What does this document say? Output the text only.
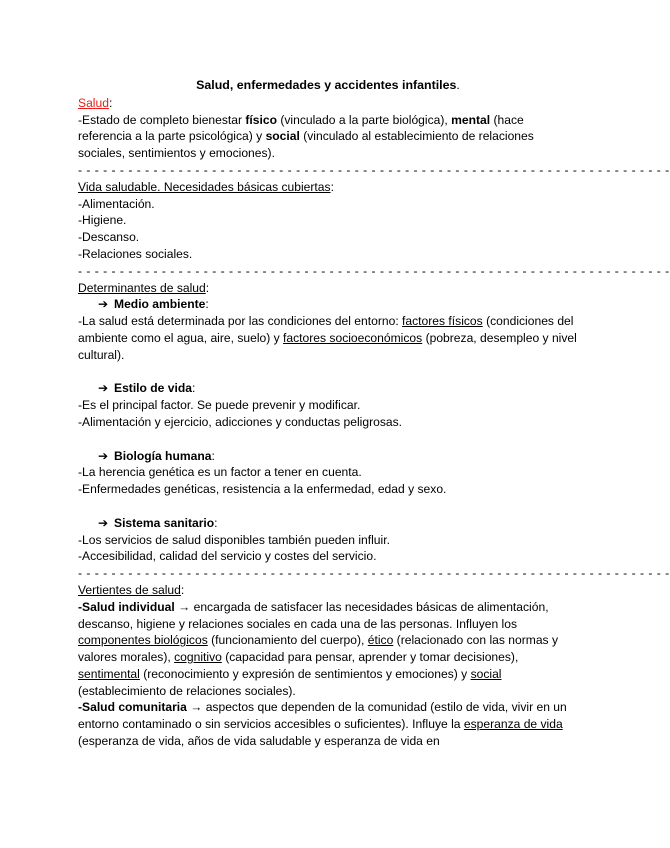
Salud, enfermedades y accidentes infantiles.
Salud:
-Estado de completo bienestar físico (vinculado a la parte biológica), mental (hace referencia a la parte psicológica) y social (vinculado al establecimiento de relaciones sociales, sentimientos y emociones).
- - - - - - - - - - - - - - - - - - - - - - - - - - - - - - - - - - - - - - - - - - - - - - - - - - - - - - - - - - - - - - - - - - - - - - -
Vida saludable. Necesidades básicas cubiertas:
-Alimentación.
-Higiene.
-Descanso.
-Relaciones sociales.
- - - - - - - - - - - - - - - - - - - - - - - - - - - - - - - - - - - - - - - - - - - - - - - - - - - - - - - - - - - - - - - - - - - - - - -
Determinantes de salud:
➔ Medio ambiente:
-La salud está determinada por las condiciones del entorno: factores físicos (condiciones del ambiente como el agua, aire, suelo) y factores socioeconómicos (pobreza, desempleo y nivel cultural).
➔ Estilo de vida:
-Es el principal factor. Se puede prevenir y modificar.
-Alimentación y ejercicio, adicciones y conductas peligrosas.
➔ Biología humana:
-La herencia genética es un factor a tener en cuenta.
-Enfermedades genéticas, resistencia a la enfermedad, edad y sexo.
➔ Sistema sanitario:
-Los servicios de salud disponibles también pueden influir.
-Accesibilidad, calidad del servicio y costes del servicio.
- - - - - - - - - - - - - - - - - - - - - - - - - - - - - - - - - - - - - - - - - - - - - - - - - - - - - - - - - - - - - - - - - - - - - - -
Vertientes de salud:
-Salud individual → encargada de satisfacer las necesidades básicas de alimentación, descanso, higiene y relaciones sociales en cada una de las personas. Influyen los componentes biológicos (funcionamiento del cuerpo), ético (relacionado con las normas y valores morales), cognitivo (capacidad para pensar, aprender y tomar decisiones), sentimental (reconocimiento y expresión de sentimientos y emociones) y social (establecimiento de relaciones sociales).
-Salud comunitaria → aspectos que dependen de la comunidad (estilo de vida, vivir en un entorno contaminado o sin servicios accesibles o suficientes). Influye la esperanza de vida (esperanza de vida, años de vida saludable y esperanza de vida en
